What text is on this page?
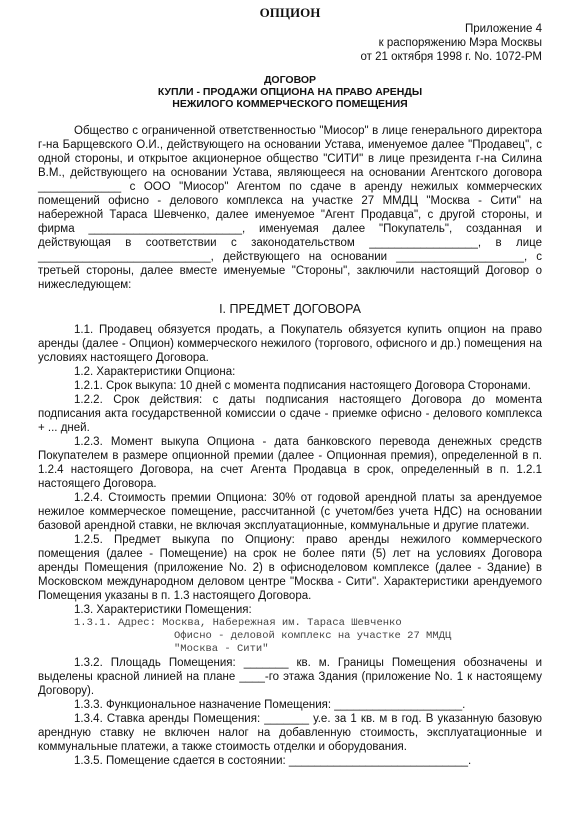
ОПЦИОН
Приложение 4
к распоряжению Мэра Москвы
от 21 октября 1998 г. No. 1072-РМ
ДОГОВОР
КУПЛИ - ПРОДАЖИ ОПЦИОНА НА ПРАВО АРЕНДЫ
НЕЖИЛОГО КОММЕРЧЕСКОГО ПОМЕЩЕНИЯ

Общество с ограниченной ответственностью "Миосор" в лице генерального директора г-на Барщевского О.И., действующего на основании Устава, именуемое далее "Продавец", с одной стороны, и открытое акционерное общество "СИТИ" в лице президента г-на Силина В.М., действующего на основании Устава, являющееся на основании Агентского договора _____________ с ООО "Миосор" Агентом по сдаче в аренду нежилых коммерческих помещений офисно - делового комплекса на участке 27 ММДЦ "Москва - Сити" на набережной Тараса Шевченко, далее именуемое "Агент Продавца", с другой стороны, и фирма ________________________, именуемая далее "Покупатель", созданная и действующая в соответствии с законодательством _________________, в лице ___________________________, действующего на основании ____________________, с третьей стороны, далее вместе именуемые "Стороны", заключили настоящий Договор о нижеследующем:

I. ПРЕДМЕТ ДОГОВОРА

1.1. Продавец обязуется продать, а Покупатель обязуется купить опцион на право аренды (далее - Опцион) коммерческого нежилого (торгового, офисного и др.) помещения на условиях настоящего Договора.

1.2. Характеристики Опциона:

1.2.1. Срок выкупа: 10 дней с момента подписания настоящего Договора Сторонами.

1.2.2. Срок действия: с даты подписания настоящего Договора до момента подписания акта государственной комиссии о сдаче - приемке офисно - делового комплекса + ... дней.

1.2.3. Момент выкупа Опциона - дата банковского перевода денежных средств Покупателем в размере опционной премии (далее - Опционная премия), определенной в п. 1.2.4 настоящего Договора, на счет Агента Продавца в срок, определенный в п. 1.2.1 настоящего Договора.

1.2.4. Стоимость премии Опциона: 30% от годовой арендной платы за арендуемое нежилое коммерческое помещение, рассчитанной (с учетом/без учета НДС) на основании базовой арендной ставки, не включая эксплуатационные, коммунальные и другие платежи.

1.2.5. Предмет выкупа по Опциону: право аренды нежилого коммерческого помещения (далее - Помещение) на срок не более пяти (5) лет на условиях Договора аренды Помещения (приложение No. 2) в офисноделовом комплексе (далее - Здание) в Московском международном деловом центре "Москва - Сити". Характеристики арендуемого Помещения указаны в п. 1.3 настоящего Договора.

1.3. Характеристики Помещения:

1.3.1. Адрес: Москва, Набережная им. Тараса Шевченко
Офисно - деловой комплекс на участке 27 ММДЦ
"Москва - Сити"

1.3.2. Площадь Помещения: _______ кв. м. Границы Помещения обозначены и выделены красной линией на плане ____-го этажа Здания (приложение No. 1 к настоящему Договору).

1.3.3. Функциональное назначение Помещения: ____________________.

1.3.4. Ставка аренды Помещения: _______ у.е. за 1 кв. м в год. В указанную базовую арендную ставку не включен налог на добавленную стоимость, эксплуатационные и коммунальные платежи, а также стоимость отделки и оборудования.

1.3.5. Помещение сдается в состоянии: ____________________________.
